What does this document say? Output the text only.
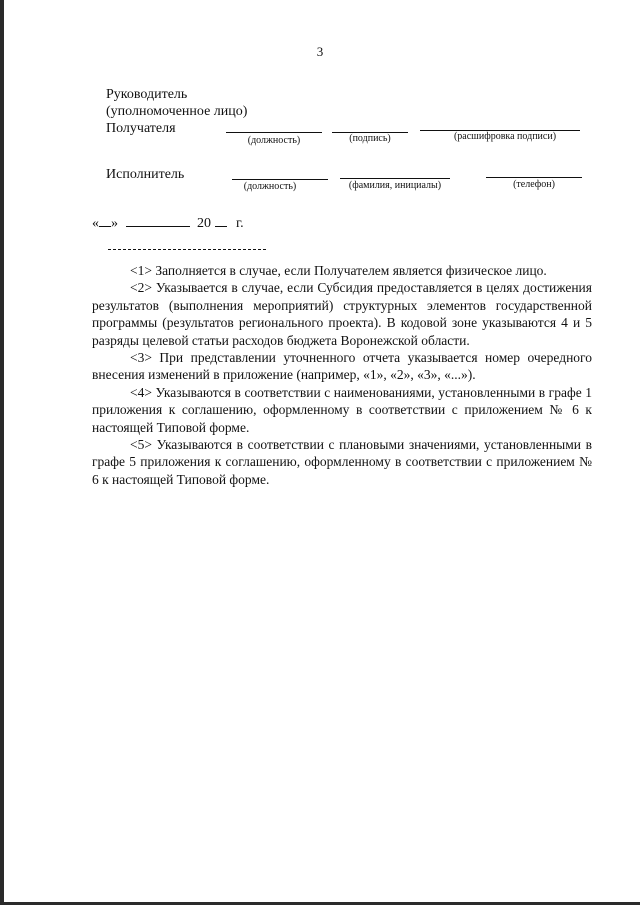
3
Руководитель
(уполномоченное лицо)
Получателя
(должность)	(подпись)	(расшифровка подписи)
Исполнитель
(должность)	(фамилия, инициалы)	(телефон)
« »	20 г.

<1> Заполняется в случае, если Получателем является физическое лицо.

<2> Указывается в случае, если Субсидия предоставляется в целях достижения результатов (выполнения мероприятий) структурных элементов государственной программы (результатов регионального проекта). В кодовой зоне указываются 4 и 5 разряды целевой статьи расходов бюджета Воронежской области.

<3> При представлении уточненного отчета указывается номер очередного внесения изменений в приложение (например, «1», «2», «3», «...»).

<4> Указываются в соответствии с наименованиями, установленными в графе 1 приложения к соглашению, оформленному в соответствии с приложением № 6 к настоящей Типовой форме.

<5> Указываются в соответствии с плановыми значениями, установленными в графе 5 приложения к соглашению, оформленному в соответствии с приложением № 6 к настоящей Типовой форме.
